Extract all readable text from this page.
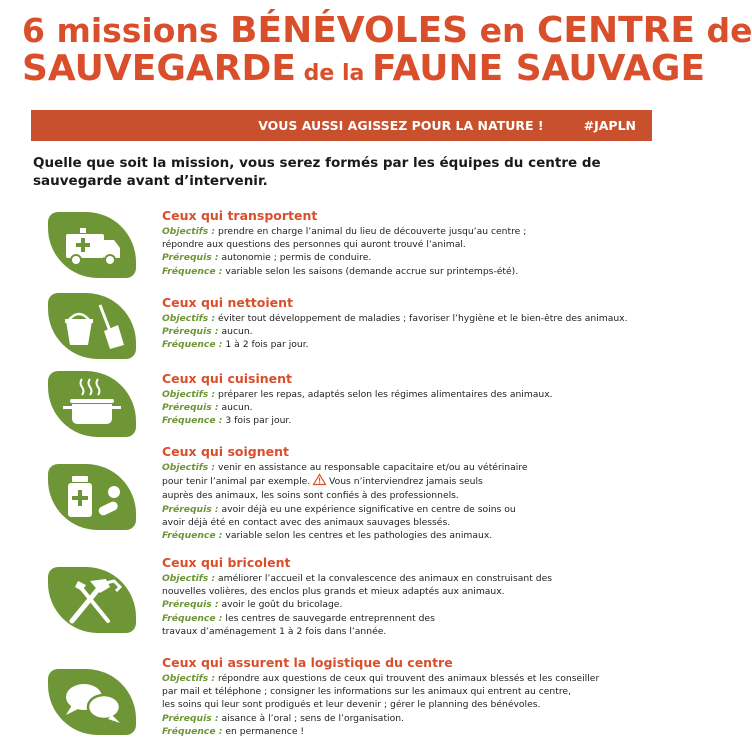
6 missions BÉNÉVOLES en CENTRE de
SAUVEGARDE de la FAUNE SAUVAGE
VOUS AUSSI AGISSEZ POUR LA NATURE !	#JAPLN
Quelle que soit la mission, vous serez formés par les équipes du centre de sauvegarde avant d’intervenir.
Ceux qui transportent
Objectifs : prendre en charge l’animal du lieu de découverte jusqu’au centre ;
répondre aux questions des personnes qui auront trouvé l’animal.
Prérequis : autonomie ; permis de conduire.
Fréquence : variable selon les saisons (demande accrue sur printemps-été).
Ceux qui nettoient
Objectifs : éviter tout développement de maladies ; favoriser l’hygiène et le bien-être des animaux.
Prérequis : aucun.
Fréquence : 1 à 2 fois par jour.
Ceux qui cuisinent
Objectifs : préparer les repas, adaptés selon les régimes alimentaires des animaux.
Prérequis : aucun.
Fréquence : 3 fois par jour.
Ceux qui soignent
Objectifs : venir en assistance au responsable capacitaire et/ou au vétérinaire
pour tenir l’animal par exemple. Vous n’interviendrez jamais seuls
auprès des animaux, les soins sont confiés à des professionnels.
Prérequis : avoir déjà eu une expérience significative en centre de soins ou
avoir déjà été en contact avec des animaux sauvages blessés.
Fréquence : variable selon les centres et les pathologies des animaux.
Ceux qui bricolent
Objectifs : améliorer l’accueil et la convalescence des animaux en construisant des
nouvelles volières, des enclos plus grands et mieux adaptés aux animaux.
Prérequis : avoir le goût du bricolage.
Fréquence : les centres de sauvegarde entreprennent des
travaux d’aménagement 1 à 2 fois dans l’année.
Ceux qui assurent la logistique du centre
Objectifs : répondre aux questions de ceux qui trouvent des animaux blessés et les conseiller
par mail et téléphone ; consigner les informations sur les animaux qui entrent au centre,
les soins qui leur sont prodigués et leur devenir ; gérer le planning des bénévoles.
Prérequis : aisance à l’oral ; sens de l’organisation.
Fréquence : en permanence !
